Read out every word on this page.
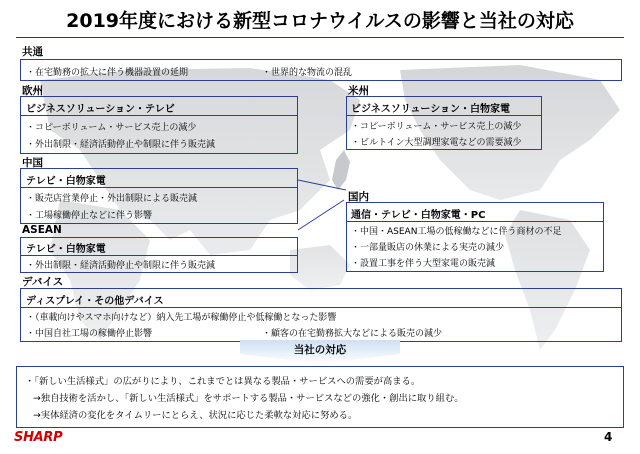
2019年度における新型コロナウイルスの影響と当社の対応
共通
・在宅勤務の拡大に伴う機器設置の延期	・世界的な物流の混乱
欧州
ビジネスソリューション・テレビ
・コピーボリューム・サービス売上の減少
・外出制限・経済活動停止や制限に伴う販売減
米州
ビジネスソリューション・白物家電
・コピーボリューム・サービス売上の減少
・ビルトイン大型調理家電などの需要減少
中国
テレビ・白物家電
・販売店営業停止・外出制限による販売減
・工場稼働停止などに伴う影響
国内
通信・テレビ・白物家電・PC
・中国・ASEAN工場の低稼働などに伴う商材の不足
・一部量販店の休業による実売の減少
・設置工事を伴う大型家電の販売減
ASEAN
テレビ・白物家電
・外出制限・経済活動停止や制限に伴う販売減
デバイス
ディスプレイ・その他デバイス
・（車載向けやスマホ向けなど）納入先工場が稼働停止や低稼働となった影響
・中国自社工場の稼働停止影響	・顧客の在宅勤務拡大などによる販売の減少
当社の対応
・「新しい生活様式」の広がりにより、これまでとは異なる製品・サービスへの需要が高まる。
→独自技術を活かし、「新しい生活様式」をサポートする製品・サービスなどの強化・創出に取り組む。
→実体経済の変化をタイムリーにとらえ、状況に応じた柔軟な対応に努める。
SHARP	4
